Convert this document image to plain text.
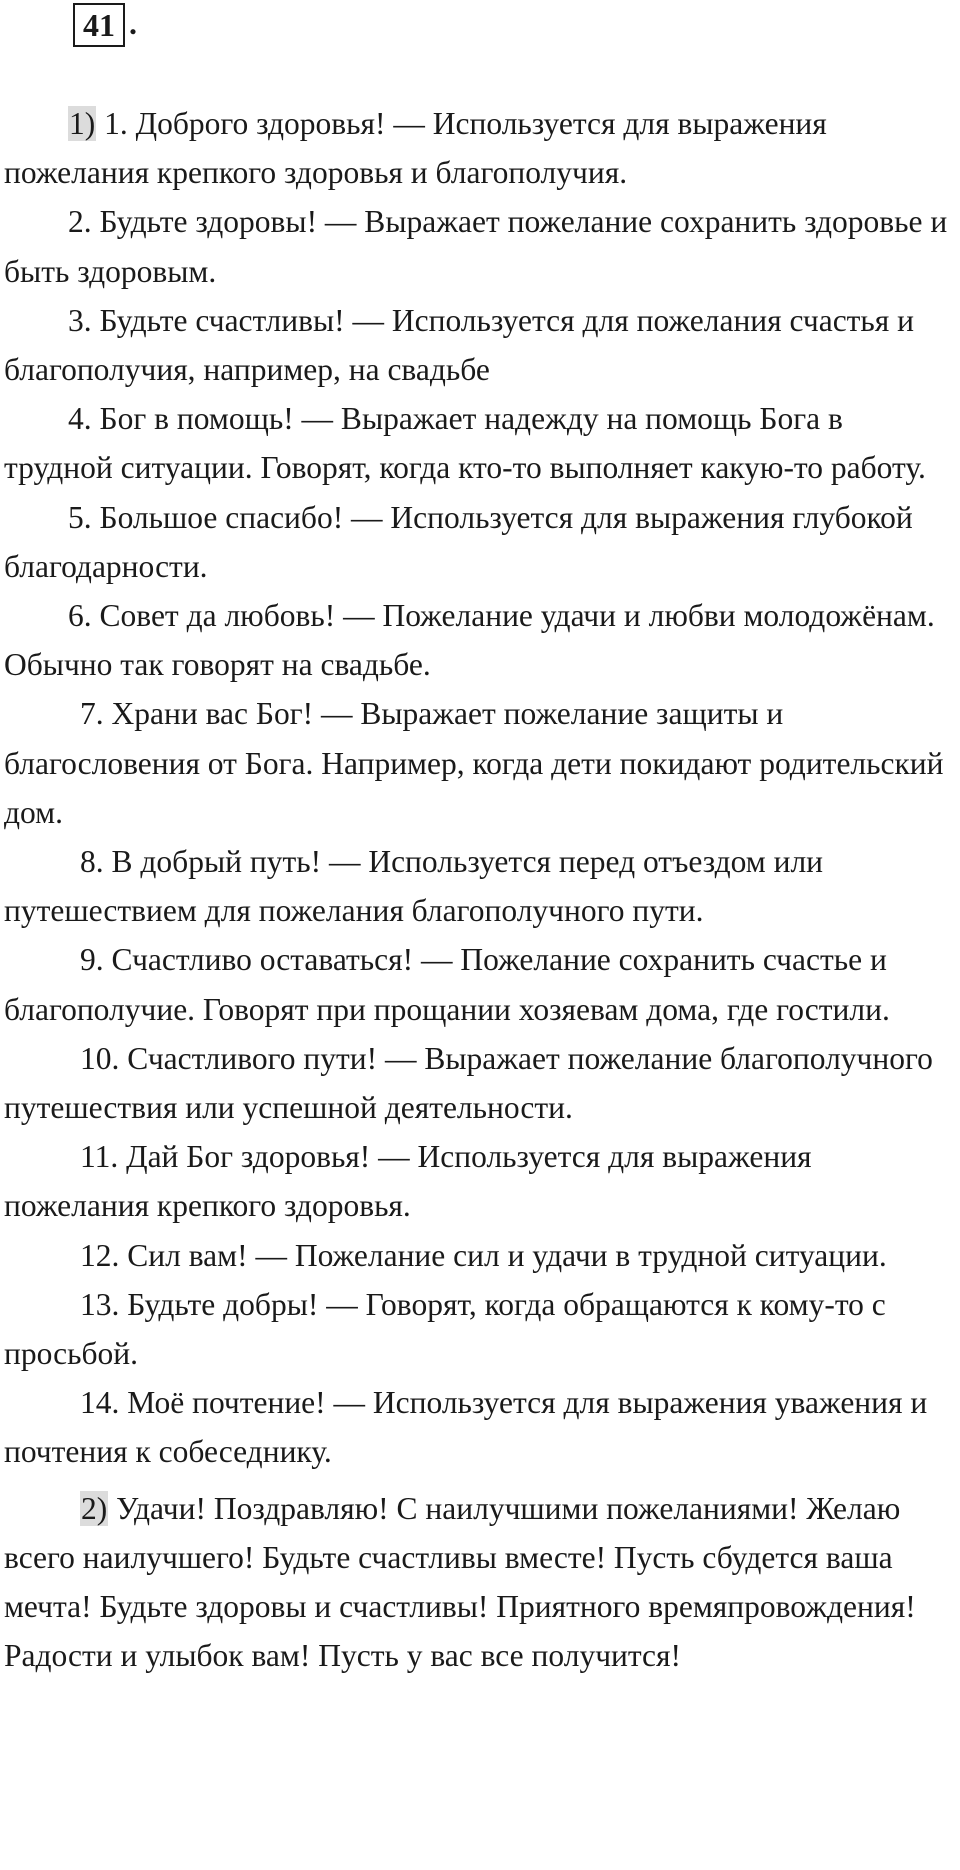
41 .

1) 1. Доброго здоровья! — Используется для выражения пожелания крепкого здоровья и благополучия.

2. Будьте здоровы! — Выражает пожелание сохранить здоровье и быть здоровым.

3. Будьте счастливы! — Используется для пожелания счастья и благополучия, например, на свадьбе

4. Бог в помощь! — Выражает надежду на помощь Бога в трудной ситуации. Говорят, когда кто-то выполняет какую-то работу.

5. Большое спасибо! — Используется для выражения глубокой благодарности.

6. Совет да любовь! — Пожелание удачи и любви молодожёнам. Обычно так говорят на свадьбе.

7. Храни вас Бог! — Выражает пожелание защиты и благословения от Бога. Например, когда дети покидают родительский дом.

8. В добрый путь! — Используется перед отъездом или путешествием для пожелания благополучного пути.

9. Счастливо оставаться! — Пожелание сохранить счастье и благополучие. Говорят при прощании хозяевам дома, где гостили.

10. Счастливого пути! — Выражает пожелание благополучного путешествия или успешной деятельности.

11. Дай Бог здоровья! — Используется для выражения пожелания крепкого здоровья.

12. Сил вам! — Пожелание сил и удачи в трудной ситуации.

13. Будьте добры! — Говорят, когда обращаются к кому-то с просьбой.

14. Моё почтение! — Используется для выражения уважения и почтения к собеседнику.

2) Удачи! Поздравляю! С наилучшими пожеланиями! Желаю всего наилучшего! Будьте счастливы вместе! Пусть сбудется ваша мечта! Будьте здоровы и счастливы! Приятного времяпровождения! Радости и улыбок вам! Пусть у вас все получится!
